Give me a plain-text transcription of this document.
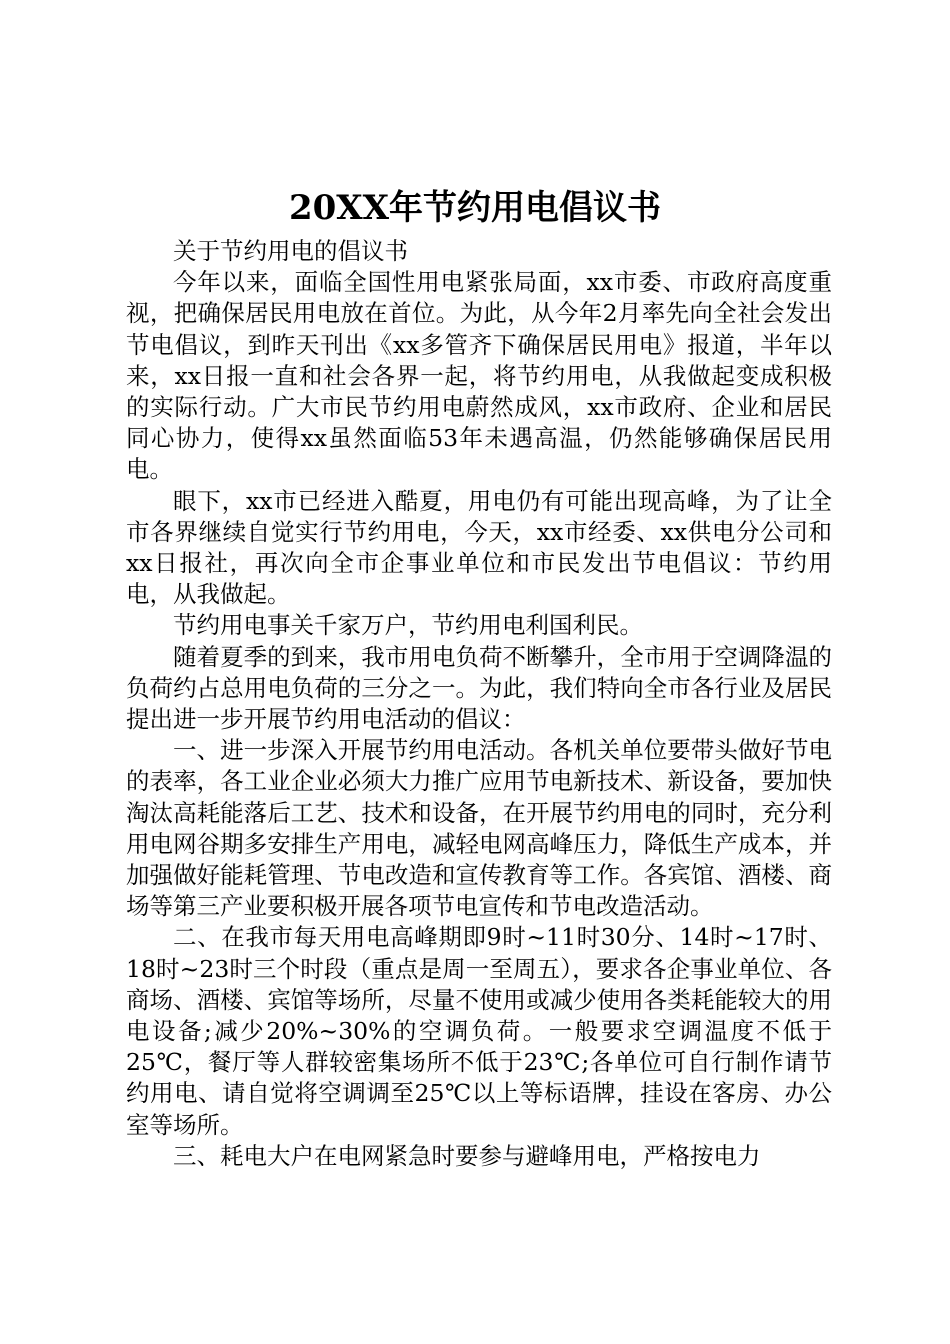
20XX年节约用电倡议书

关于节约用电的倡议书

今年以来，面临全国性用电紧张局面，xx市委、市政府高度重视，把确保居民用电放在首位。为此，从今年2月率先向全社会发出节电倡议，到昨天刊出《xx多管齐下确保居民用电》报道，半年以来，xx日报一直和社会各界一起，将节约用电，从我做起变成积极的实际行动。广大市民节约用电蔚然成风，xx市政府、企业和居民同心协力，使得xx虽然面临53年未遇高温，仍然能够确保居民用电。

眼下，xx市已经进入酷夏，用电仍有可能出现高峰，为了让全市各界继续自觉实行节约用电，今天，xx市经委、xx供电分公司和xx日报社，再次向全市企事业单位和市民发出节电倡议：节约用电，从我做起。

节约用电事关千家万户，节约用电利国利民。

随着夏季的到来，我市用电负荷不断攀升，全市用于空调降温的负荷约占总用电负荷的三分之一。为此，我们特向全市各行业及居民提出进一步开展节约用电活动的倡议：

一、进一步深入开展节约用电活动。各机关单位要带头做好节电的表率，各工业企业必须大力推广应用节电新技术、新设备，要加快淘汰高耗能落后工艺、技术和设备，在开展节约用电的同时，充分利用电网谷期多安排生产用电，减轻电网高峰压力，降低生产成本，并加强做好能耗管理、节电改造和宣传教育等工作。各宾馆、酒楼、商场等第三产业要积极开展各项节电宣传和节电改造活动。

二、在我市每天用电高峰期即9时~11时30分、14时~17时、18时~23时三个时段（重点是周一至周五），要求各企事业单位、各商场、酒楼、宾馆等场所，尽量不使用或减少使用各类耗能较大的用电设备;减少20%~30%的空调负荷。一般要求空调温度不低于25℃，餐厅等人群较密集场所不低于23℃;各单位可自行制作请节约用电、请自觉将空调调至25℃以上等标语牌，挂设在客房、办公室等场所。

三、耗电大户在电网紧急时要参与避峰用电，严格按电力
